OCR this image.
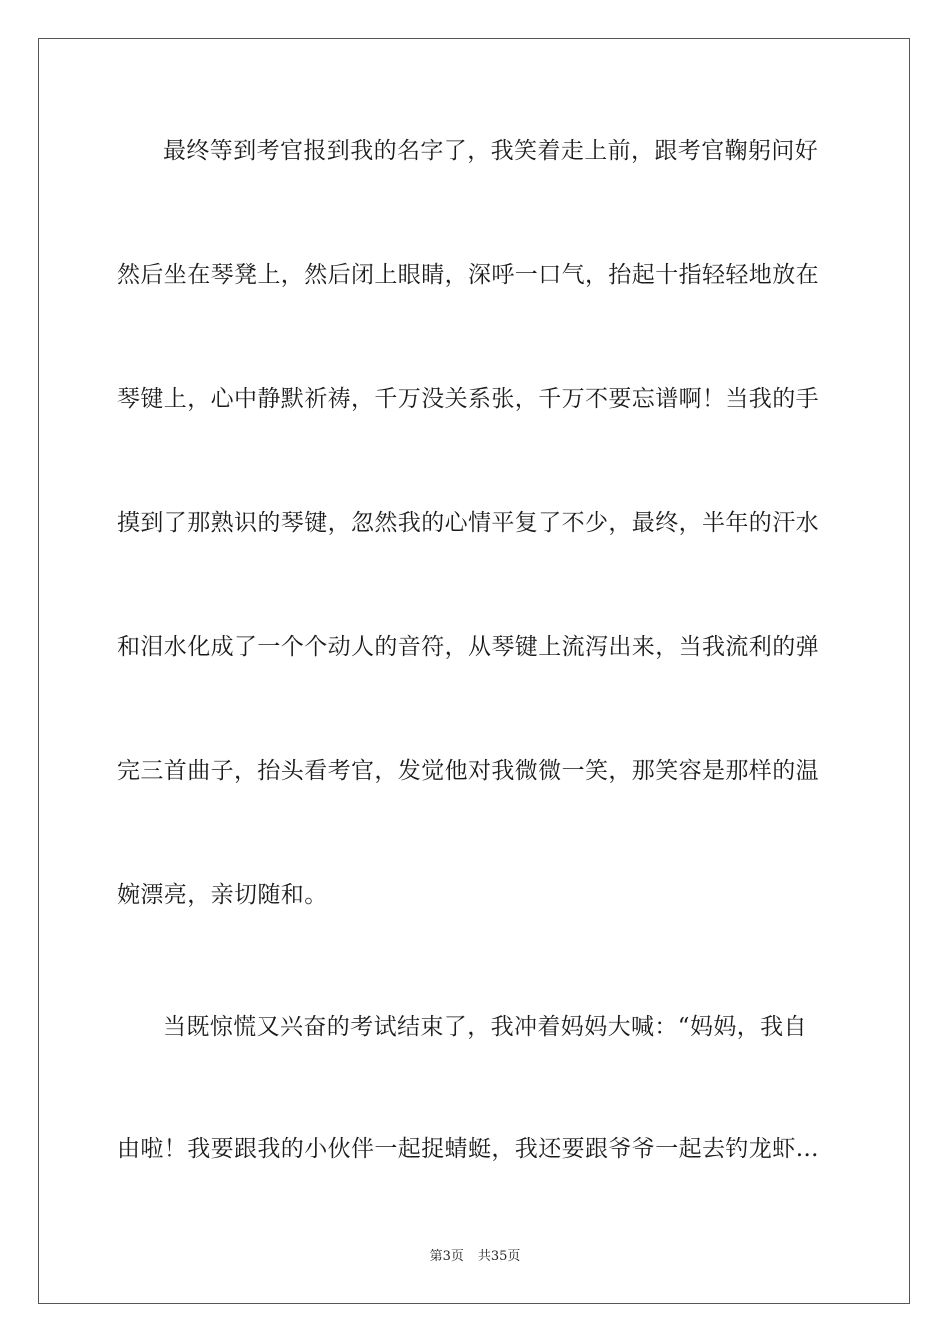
最终等到考官报到我的名字了，我笑着走上前，跟考官鞠躬问好
然后坐在琴凳上，然后闭上眼睛，深呼一口气，抬起十指轻轻地放在
琴键上，心中静默祈祷，千万没关系张，千万不要忘谱啊！当我的手
摸到了那熟识的琴键，忽然我的心情平复了不少，最终，半年的汗水
和泪水化成了一个个动人的音符，从琴键上流泻出来，当我流利的弹
完三首曲子，抬头看考官，发觉他对我微微一笑，那笑容是那样的温
婉漂亮，亲切随和。
当既惊慌又兴奋的考试结束了，我冲着妈妈大喊：“妈妈，我自
由啦！我要跟我的小伙伴一起捉蜻蜓，我还要跟爷爷一起去钓龙虾…
第3页 共35页
